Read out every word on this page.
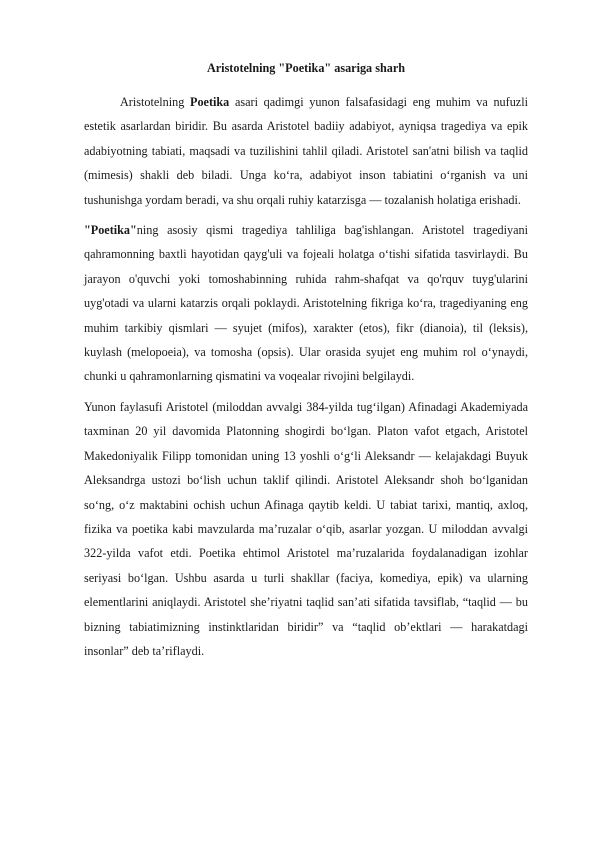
Aristotelning "Poetika" asariga sharh

Aristotelning Poetika asari qadimgi yunon falsafasidagi eng muhim va nufuzli estetik asarlardan biridir. Bu asarda Aristotel badiiy adabiyot, ayniqsa tragediya va epik adabiyotning tabiati, maqsadi va tuzilishini tahlil qiladi. Aristotel san'atni bilish va taqlid (mimesis) shakli deb biladi. Unga ko‘ra, adabiyot inson tabiatini o‘rganish va uni tushunishga yordam beradi, va shu orqali ruhiy katarzisga — tozalanish holatiga erishadi.

"Poetika"ning asosiy qismi tragediya tahliliga bag'ishlangan. Aristotel tragediyani qahramonning baxtli hayotidan qayg'uli va fojeali holatga o‘tishi sifatida tasvirlaydi. Bu jarayon o'quvchi yoki tomoshabinning ruhida rahm-shafqat va qo'rquv tuyg'ularini uyg'otadi va ularni katarzis orqali poklaydi. Aristotelning fikriga ko‘ra, tragediyaning eng muhim tarkibiy qismlari — syujet (mifos), xarakter (etos), fikr (dianoia), til (leksis), kuylash (melopoeia), va tomosha (opsis). Ular orasida syujet eng muhim rol o‘ynaydi, chunki u qahramonlarning qismatini va voqealar rivojini belgilaydi.

Yunon faylasufi Aristotel (miloddan avvalgi 384-yilda tug‘ilgan) Afinadagi Akademiyada taxminan 20 yil davomida Platonning shogirdi bo‘lgan. Platon vafot etgach, Aristotel Makedoniyalik Filipp tomonidan uning 13 yoshli o‘g‘li Aleksandr — kelajakdagi Buyuk Aleksandrga ustozi bo‘lish uchun taklif qilindi. Aristotel Aleksandr shoh bo‘lganidan so‘ng, o‘z maktabini ochish uchun Afinaga qaytib keldi. U tabiat tarixi, mantiq, axloq, fizika va poetika kabi mavzularda ma’ruzalar o‘qib, asarlar yozgan. U miloddan avvalgi 322-yilda vafot etdi. Poetika ehtimol Aristotel ma’ruzalarida foydalanadigan izohlar seriyasi bo‘lgan. Ushbu asarda u turli shakllar (faciya, komediya, epik) va ularning elementlarini aniqlaydi. Aristotel she’riyatni taqlid san’ati sifatida tavsiflab, “taqlid — bu bizning tabiatimizning instinktlaridan biridir” va “taqlid ob’ektlari — harakatdagi insonlar” deb ta’riflaydi.
